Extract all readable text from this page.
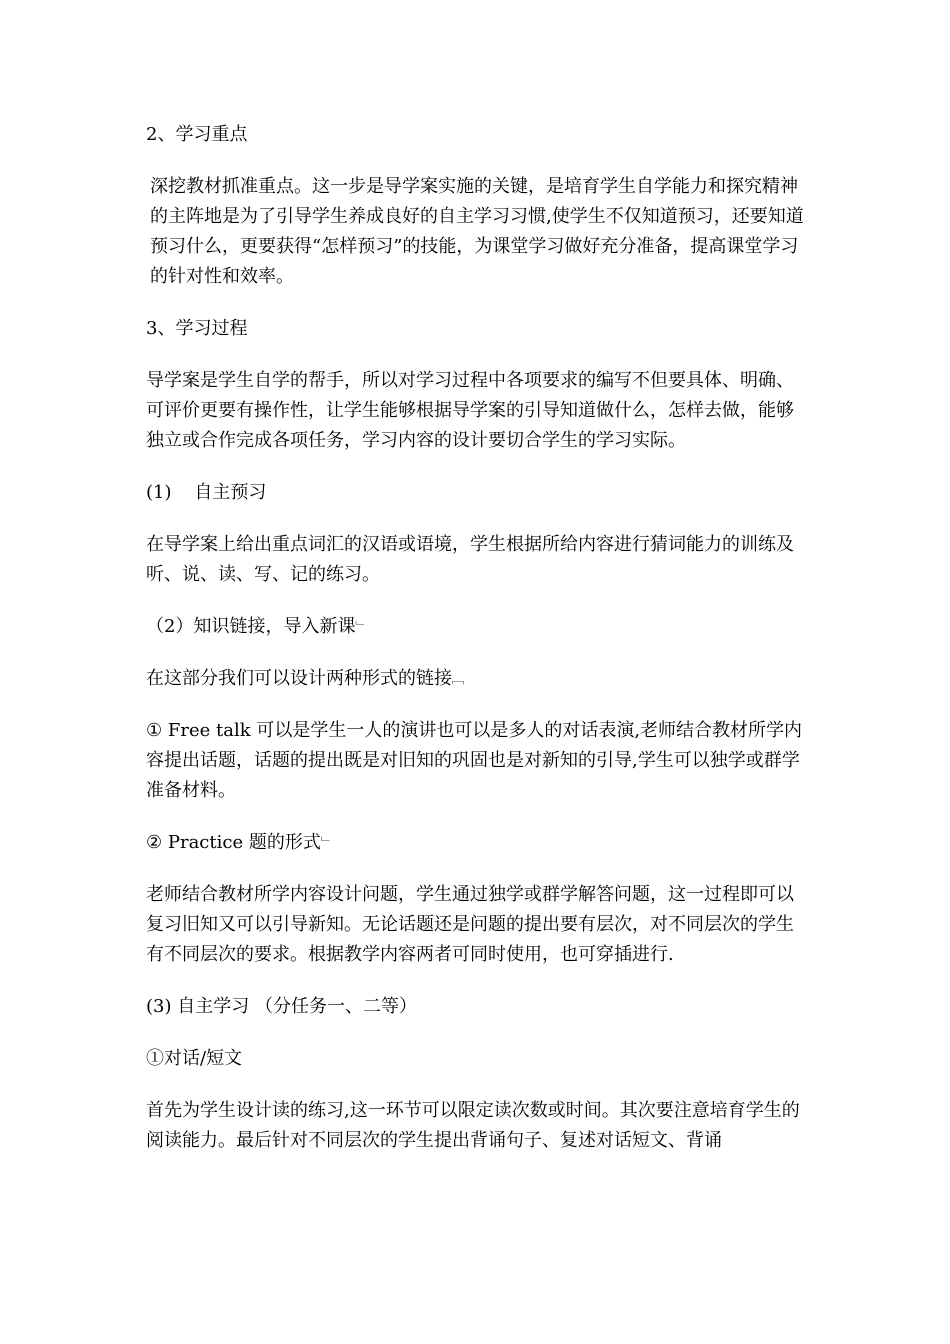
2、学习重点

深挖教材抓准重点。这一步是导学案实施的关键，是培育学生自学能力和探究精神的主阵地是为了引导学生养成良好的自主学习习惯,使学生不仅知道预习，还要知道预习什么，更要获得“怎样预习”的技能，为课堂学习做好充分准备，提高课堂学习的针对性和效率。

3、学习过程

导学案是学生自学的帮手，所以对学习过程中各项要求的编写不但要具体、明确、可评价更要有操作性，让学生能够根据导学案的引导知道做什么，怎样去做，能够独立或合作完成各项任务，学习内容的设计要切合学生的学习实际。

(1)    自主预习

在导学案上给出重点词汇的汉语或语境，学生根据所给内容进行猜词能力的训练及听、说、读、写、记的练习。

（2）知识链接，导入新课﹂

在这部分我们可以设计两种形式的链接﹇

① Free talk 可以是学生一人的演讲也可以是多人的对话表演,老师结合教材所学内容提出话题，话题的提出既是对旧知的巩固也是对新知的引导,学生可以独学或群学准备材料。

② Practice 题的形式﹂

老师结合教材所学内容设计问题，学生通过独学或群学解答问题，这一过程即可以复习旧知又可以引导新知。无论话题还是问题的提出要有层次，对不同层次的学生有不同层次的要求。根据教学内容两者可同时使用，也可穿插进行.

(3) 自主学习 （分任务一、二等）

①对话/短文

首先为学生设计读的练习,这一环节可以限定读次数或时间。其次要注意培育学生的阅读能力。最后针对不同层次的学生提出背诵句子、复述对话短文、背诵
